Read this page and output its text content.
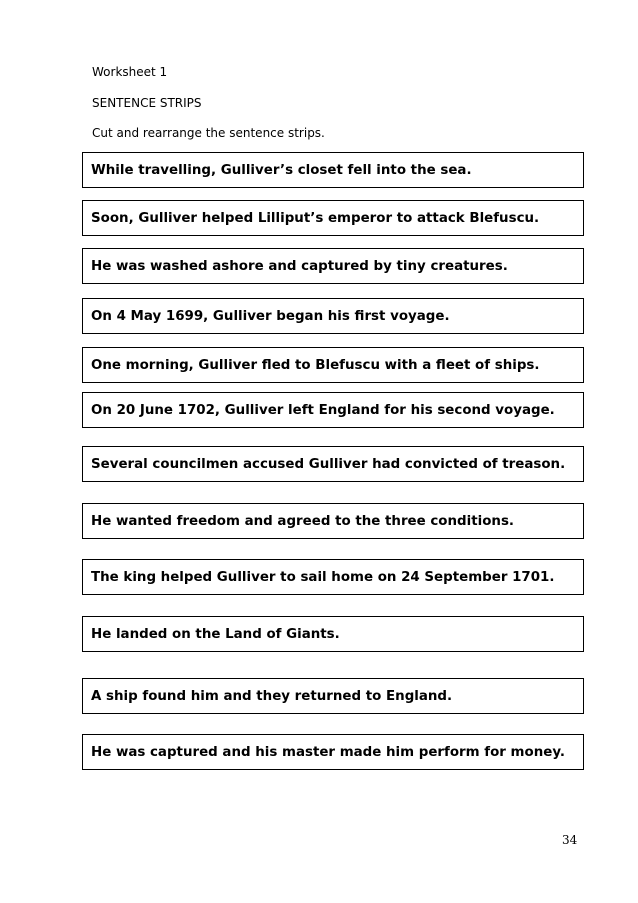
Worksheet 1

SENTENCE STRIPS

Cut and rearrange the sentence strips.

While travelling, Gulliver’s closet fell into the sea.
Soon, Gulliver helped Lilliput’s emperor to attack Blefuscu.
He was washed ashore and captured by tiny creatures.
On 4 May 1699, Gulliver began his first voyage.
One morning, Gulliver fled to Blefuscu with a fleet of ships.
On 20 June 1702, Gulliver left England for his second voyage.
Several councilmen accused Gulliver had convicted of treason.
He wanted freedom and agreed to the three conditions.
The king helped Gulliver to sail home on 24 September 1701.
He landed on the Land of Giants.
A ship found him and they returned to England.
He was captured and his master made him perform for money.

34
